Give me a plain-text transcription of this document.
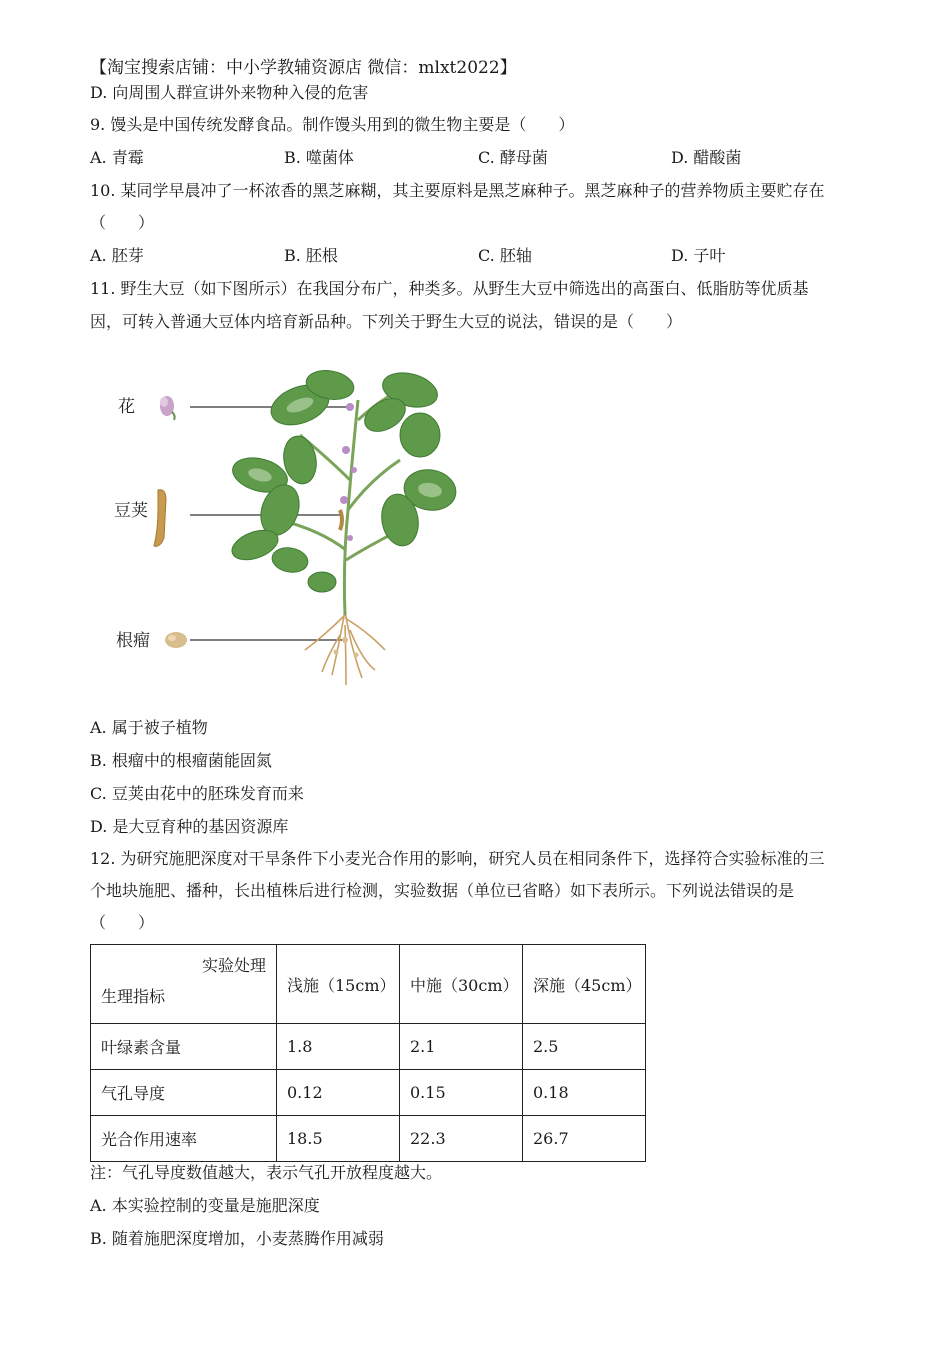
【淘宝搜索店铺：中小学教辅资源店 微信：mlxt2022】
D. 向周围人群宣讲外来物种入侵的危害
9. 馒头是中国传统发酵食品。制作馒头用到的微生物主要是（　　）
A. 青霉	B. 噬菌体	C. 酵母菌	D. 醋酸菌
10. 某同学早晨冲了一杯浓香的黑芝麻糊，其主要原料是黑芝麻种子。黑芝麻种子的营养物质主要贮存在
（　　）
A. 胚芽	B. 胚根	C. 胚轴	D. 子叶
11. 野生大豆（如下图所示）在我国分布广，种类多。从野生大豆中筛选出的高蛋白、低脂肪等优质基
因，可转入普通大豆体内培育新品种。下列关于野生大豆的说法，错误的是（　　）
花
豆荚
根瘤
A. 属于被子植物
B. 根瘤中的根瘤菌能固氮
C. 豆荚由花中的胚珠发育而来
D. 是大豆育种的基因资源库
12. 为研究施肥深度对干旱条件下小麦光合作用的影响，研究人员在相同条件下，选择符合实验标准的三
个地块施肥、播种，长出植株后进行检测，实验数据（单位已省略）如下表所示。下列说法错误的是
（　　）
实验处理
生理指标	浅施（15cm）	中施（30cm）	深施（45cm）
叶绿素含量	1.8	2.1	2.5
气孔导度	0.12	0.15	0.18
光合作用速率	18.5	22.3	26.7
注：气孔导度数值越大，表示气孔开放程度越大。
A. 本实验控制的变量是施肥深度
B. 随着施肥深度增加，小麦蒸腾作用减弱
